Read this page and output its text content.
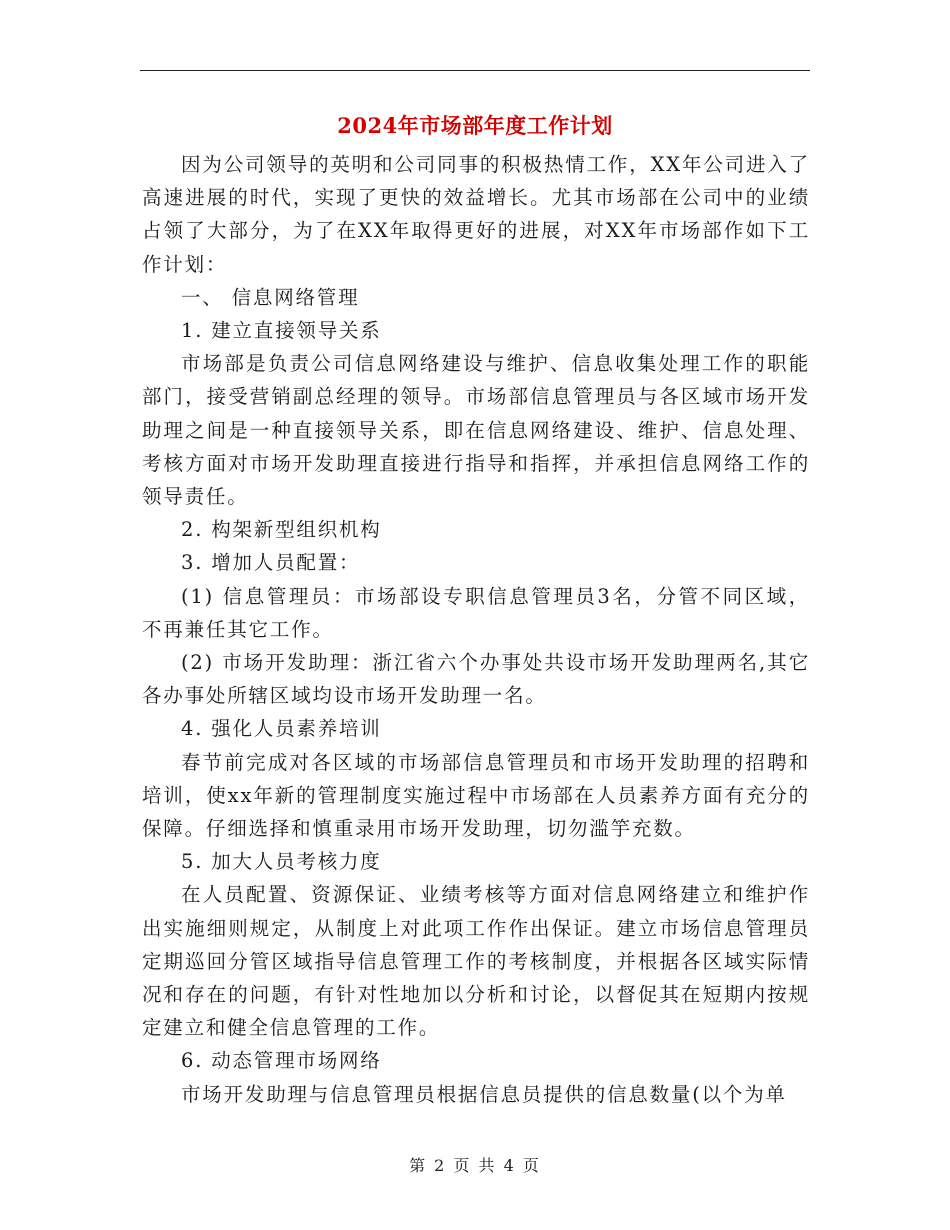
2024年市场部年度工作计划

因为公司领导的英明和公司同事的积极热情工作，XX年公司进入了高速进展的时代，实现了更快的效益增长。尤其市场部在公司中的业绩占领了大部分，为了在XX年取得更好的进展，对XX年市场部作如下工作计划：

一、 信息网络管理

1. 建立直接领导关系

市场部是负责公司信息网络建设与维护、信息收集处理工作的职能部门，接受营销副总经理的领导。市场部信息管理员与各区域市场开发助理之间是一种直接领导关系，即在信息网络建设、维护、信息处理、考核方面对市场开发助理直接进行指导和指挥，并承担信息网络工作的领导责任。

2. 构架新型组织机构

3. 增加人员配置：

(1) 信息管理员：市场部设专职信息管理员3名，分管不同区域，不再兼任其它工作。

(2) 市场开发助理：浙江省六个办事处共设市场开发助理两名,其它各办事处所辖区域均设市场开发助理一名。

4. 强化人员素养培训

春节前完成对各区域的市场部信息管理员和市场开发助理的招聘和培训，使xx年新的管理制度实施过程中市场部在人员素养方面有充分的保障。仔细选择和慎重录用市场开发助理，切勿滥竽充数。

5. 加大人员考核力度

在人员配置、资源保证、业绩考核等方面对信息网络建立和维护作出实施细则规定，从制度上对此项工作作出保证。建立市场信息管理员定期巡回分管区域指导信息管理工作的考核制度，并根据各区域实际情况和存在的问题，有针对性地加以分析和讨论，以督促其在短期内按规定建立和健全信息管理的工作。

6. 动态管理市场网络

市场开发助理与信息管理员根据信息员提供的信息数量(以个为单

第 2 页 共 4 页
